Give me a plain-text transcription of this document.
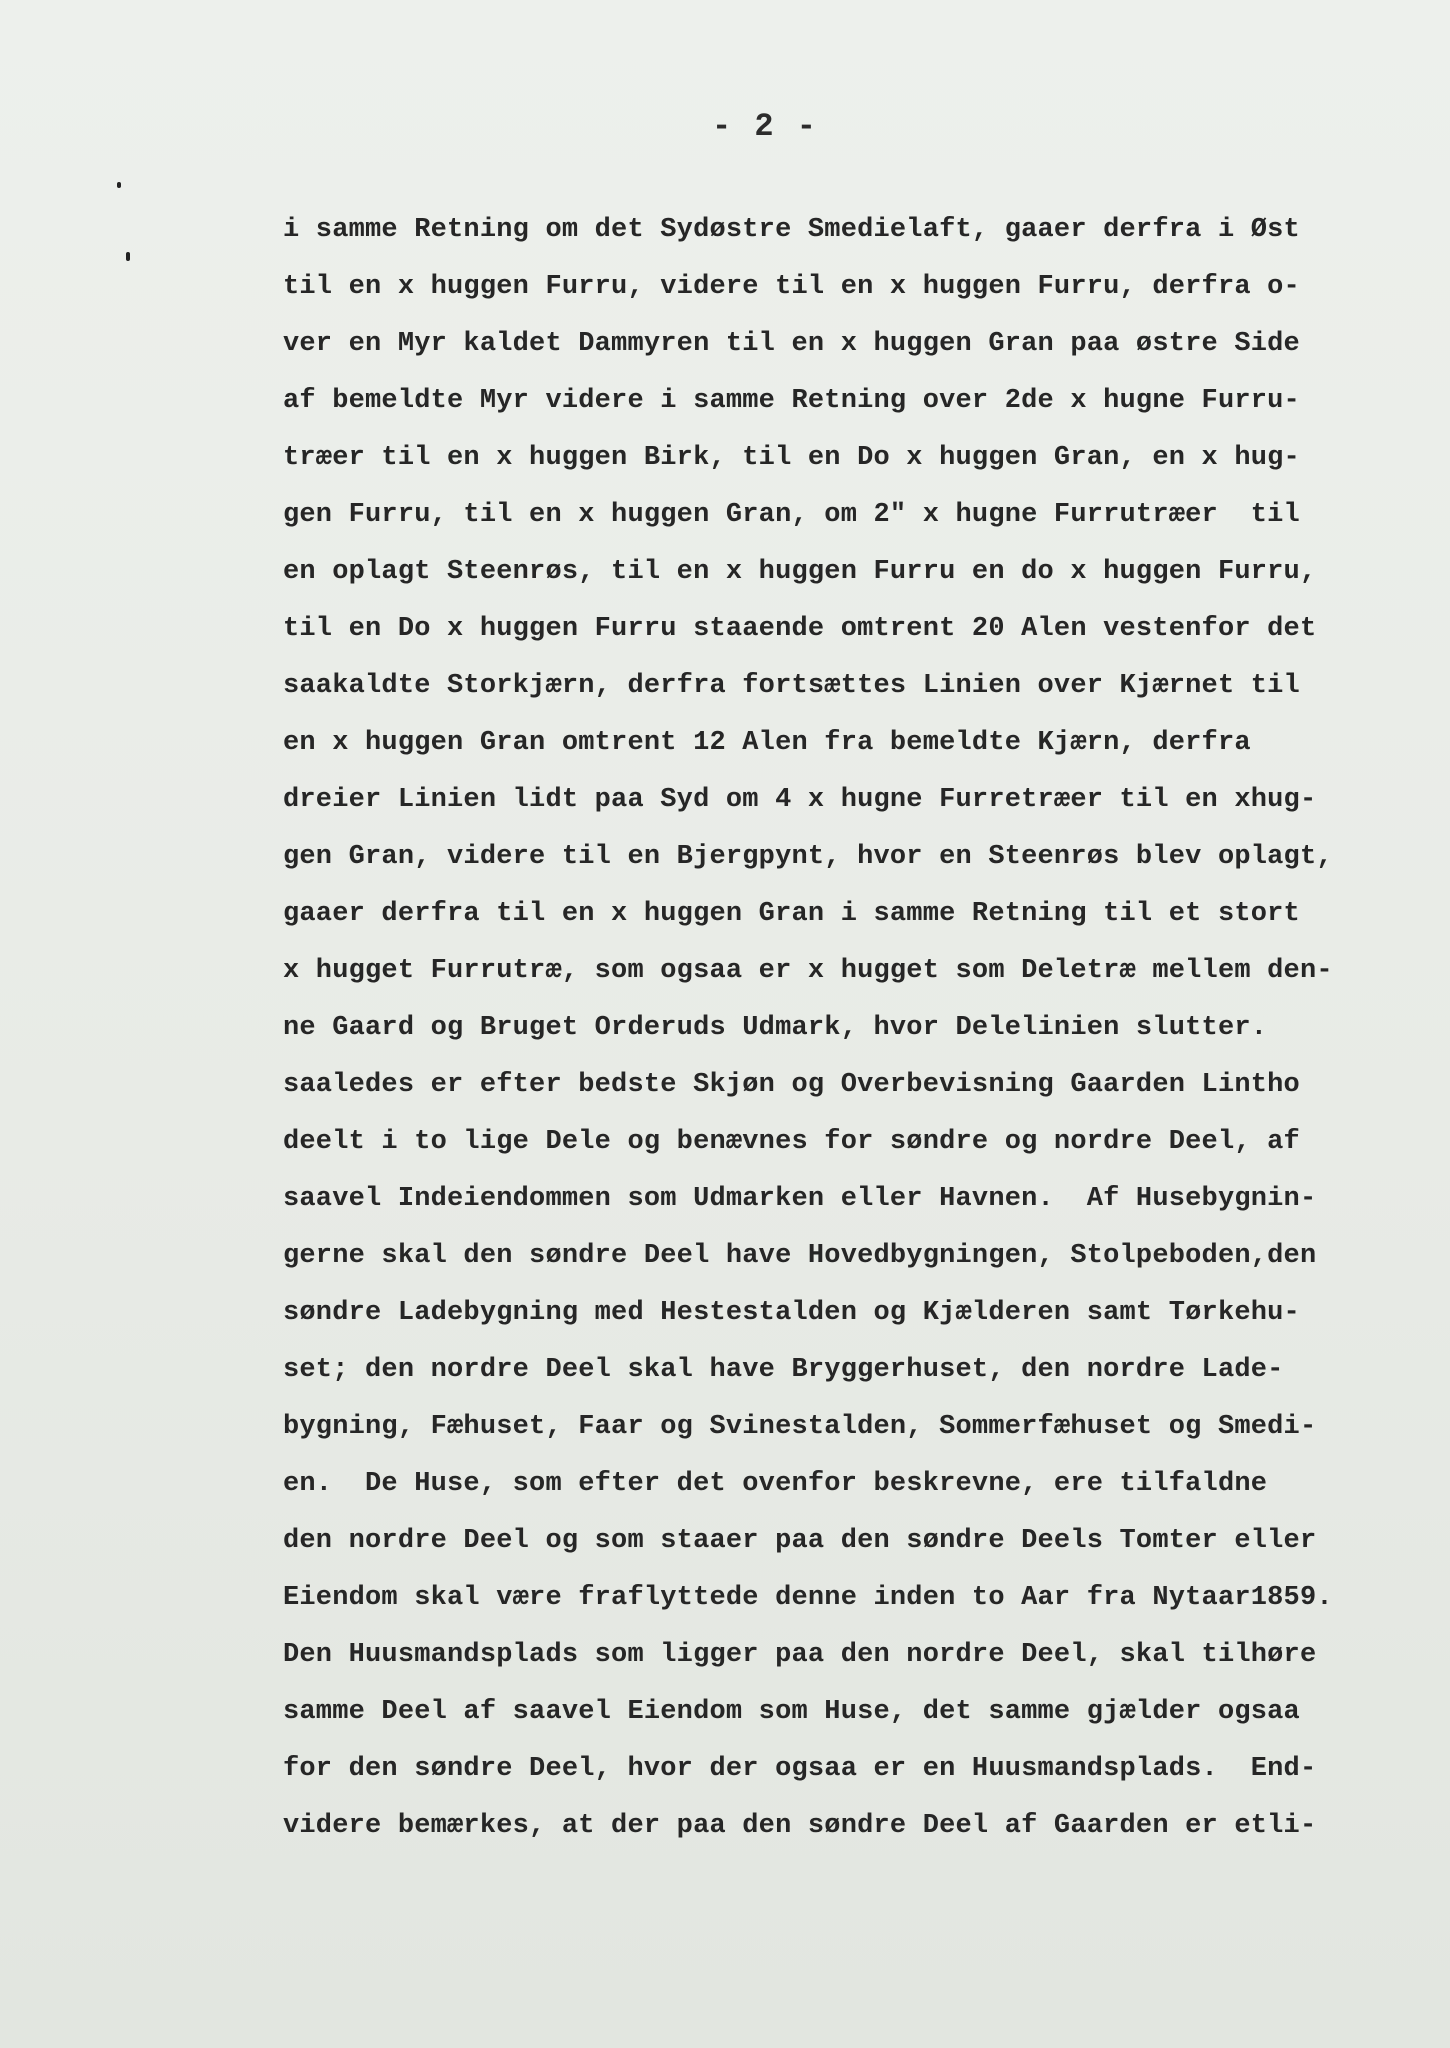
- 2 -
i samme Retning om det Sydøstre Smedielaft, gaaer derfra i Øst
til en x huggen Furru, videre til en x huggen Furru, derfra o-
ver en Myr kaldet Dammyren til en x huggen Gran paa østre Side
af bemeldte Myr videre i samme Retning over 2de x hugne Furru-
træer til en x huggen Birk, til en Do x huggen Gran, en x hug-
gen Furru, til en x huggen Gran, om 2" x hugne Furrutræer  til
en oplagt Steenrøs, til en x huggen Furru en do x huggen Furru,
til en Do x huggen Furru staaende omtrent 20 Alen vestenfor det
saakaldte Storkjærn, derfra fortsættes Linien over Kjærnet til
en x huggen Gran omtrent 12 Alen fra bemeldte Kjærn, derfra
dreier Linien lidt paa Syd om 4 x hugne Furretræer til en xhug-
gen Gran, videre til en Bjergpynt, hvor en Steenrøs blev oplagt,
gaaer derfra til en x huggen Gran i samme Retning til et stort
x hugget Furrutræ, som ogsaa er x hugget som Deletræ mellem den-
ne Gaard og Bruget Orderuds Udmark, hvor Delelinien slutter.
saaledes er efter bedste Skjøn og Overbevisning Gaarden Lintho
deelt i to lige Dele og benævnes for søndre og nordre Deel, af
saavel Indeiendommen som Udmarken eller Havnen.  Af Husebygnin-
gerne skal den søndre Deel have Hovedbygningen, Stolpeboden,den
søndre Ladebygning med Hestestalden og Kjælderen samt Tørkehu-
set; den nordre Deel skal have Bryggerhuset, den nordre Lade-
bygning, Fæhuset, Faar og Svinestalden, Sommerfæhuset og Smedi-
en.  De Huse, som efter det ovenfor beskrevne, ere tilfaldne
den nordre Deel og som staaer paa den søndre Deels Tomter eller
Eiendom skal være fraflyttede denne inden to Aar fra Nytaar1859.
Den Huusmandsplads som ligger paa den nordre Deel, skal tilhøre
samme Deel af saavel Eiendom som Huse, det samme gjælder ogsaa
for den søndre Deel, hvor der ogsaa er en Huusmandsplads.  End-
videre bemærkes, at der paa den søndre Deel af Gaarden er etli-
